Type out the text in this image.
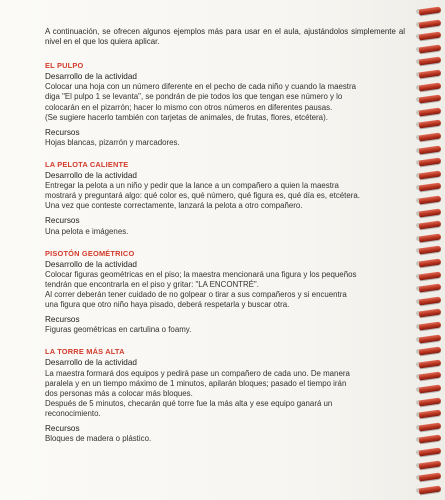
A continuación, se ofrecen algunos ejemplos más para usar en el aula, ajustándolos simplemente al nivel en el que los quiera aplicar.

EL PULPO
Desarrollo de la actividad
Colocar una hoja con un número diferente en el pecho de cada niño y cuando la maestra
diga "El pulpo 1 se levanta", se pondrán de pie todos los que tengan ese número y lo
colocarán en el pizarrón; hacer lo mismo con otros números en diferentes pausas.
(Se sugiere hacerlo también con tarjetas de animales, de frutas, flores, etcétera).
Recursos
Hojas blancas, pizarrón y marcadores.
LA PELOTA CALIENTE
Desarrollo de la actividad
Entregar la pelota a un niño y pedir que la lance a un compañero a quien la maestra
mostrará y preguntará algo: qué color es, qué número, qué figura es, qué día es, etcétera.
Una vez que conteste correctamente, lanzará la pelota a otro compañero.
Recursos
Una pelota e imágenes.
PISOTÓN GEOMÉTRICO
Desarrollo de la actividad
Colocar figuras geométricas en el piso; la maestra mencionará una figura y los pequeños
tendrán que encontrarla en el piso y gritar: "LA ENCONTRÉ".
Al correr deberán tener cuidado de no golpear o tirar a sus compañeros y si encuentra
una figura que otro niño haya pisado, deberá respetarla y buscar otra.
Recursos
Figuras geométricas en cartulina o foamy.
LA TORRE MÁS ALTA
Desarrollo de la actividad
La maestra formará dos equipos y pedirá pase un compañero de cada uno. De manera
paralela y en un tiempo máximo de 1 minutos, apilarán bloques; pasado el tiempo irán
dos personas más a colocar más bloques.
Después de 5 minutos, checarán qué torre fue la más alta y ese equipo ganará un
reconocimiento.
Recursos
Bloques de madera o plástico.
